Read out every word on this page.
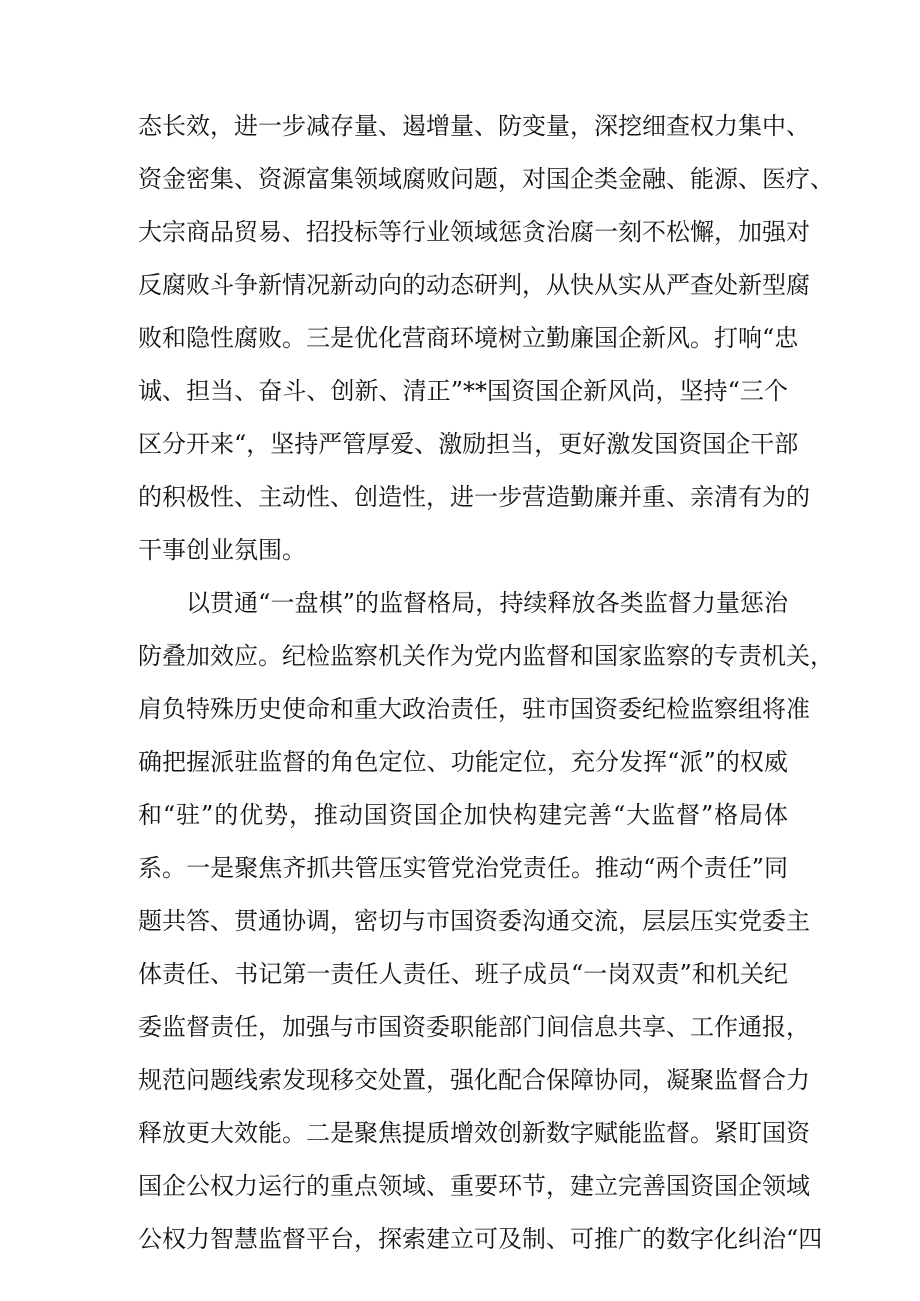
态长效，进一步减存量、遏增量、防变量，深挖细查权力集中、
资金密集、资源富集领域腐败问题，对国企类金融、能源、医疗、
大宗商品贸易、招投标等行业领域惩贪治腐一刻不松懈，加强对
反腐败斗争新情况新动向的动态研判，从快从实从严查处新型腐
败和隐性腐败。三是优化营商环境树立勤廉国企新风。打响“忠
诚、担当、奋斗、创新、清正”**国资国企新风尚，坚持“三个
区分开来“，坚持严管厚爱、激励担当，更好激发国资国企干部
的积极性、主动性、创造性，进一步营造勤廉并重、亲清有为的
干事创业氛围。
以贯通“一盘棋”的监督格局，持续释放各类监督力量惩治
防叠加效应。纪检监察机关作为党内监督和国家监察的专责机关，
肩负特殊历史使命和重大政治责任，驻市国资委纪检监察组将准
确把握派驻监督的角色定位、功能定位，充分发挥“派”的权威
和“驻”的优势，推动国资国企加快构建完善“大监督”格局体
系。一是聚焦齐抓共管压实管党治党责任。推动“两个责任”同
题共答、贯通协调，密切与市国资委沟通交流，层层压实党委主
体责任、书记第一责任人责任、班子成员“一岗双责”和机关纪
委监督责任，加强与市国资委职能部门间信息共享、工作通报，
规范问题线索发现移交处置，强化配合保障协同，凝聚监督合力
释放更大效能。二是聚焦提质增效创新数字赋能监督。紧盯国资
国企公权力运行的重点领域、重要环节，建立完善国资国企领域
公权力智慧监督平台，探索建立可及制、可推广的数字化纠治“四
